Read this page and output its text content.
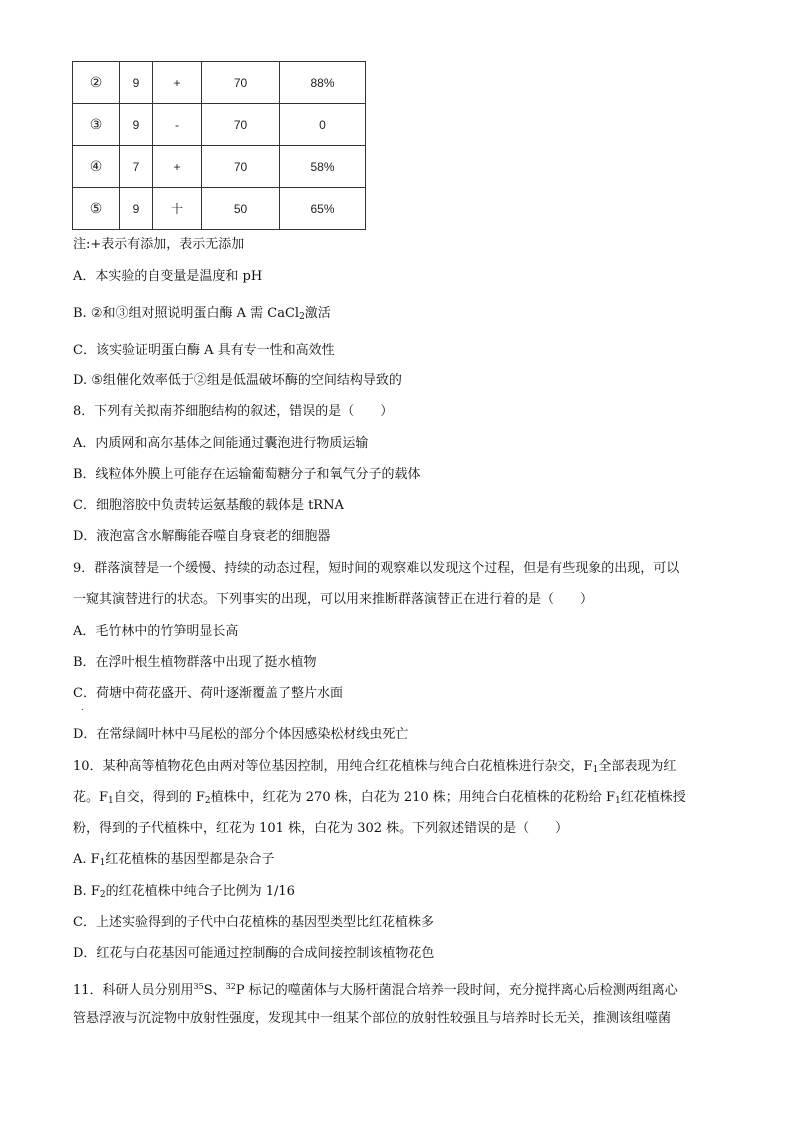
②	9	+	70	88%
③	9	-	70	0
④	7	+	70	58%
⑤	9	十	50	65%
注:+表示有添加，表示无添加
A．本实验的自变量是温度和 pH
B. ②和③组对照说明蛋白酶 A 需 CaCl$_2$激活
C．该实验证明蛋白酶 A 具有专一性和高效性
D. ⑤组催化效率低于②组是低温破坏酶的空间结构导致的
8．下列有关拟南芥细胞结构的叙述，错误的是（　　）
A．内质网和高尔基体之间能通过囊泡进行物质运输
B．线粒体外膜上可能存在运输葡萄糖分子和氧气分子的载体
C．细胞溶胶中负责转运氨基酸的载体是 tRNA
D．液泡富含水解酶能吞噬自身衰老的细胞器
9．群落演替是一个缓慢、持续的动态过程，短时间的观察难以发现这个过程，但是有些现象的出现，可以
一窥其演替进行的状态。下列事实的出现，可以用来推断群落演替正在进行着的是（　　）
A．毛竹林中的竹笋明显长高
B．在浮叶根生植物群落中出现了挺水植物
C．荷塘中荷花盛开、荷叶逐渐覆盖了整片水面
.
D．在常绿阔叶林中马尾松的部分个体因感染松材线虫死亡
10．某种高等植物花色由两对等位基因控制，用纯合红花植株与纯合白花植株进行杂交，$F_1$全部表现为红
花。$F_1$自交，得到的 $F_2$植株中，红花为 270 株，白花为 210 株；用纯合白花植株的花粉给 $F_1$红花植株授
粉，得到的子代植株中，红花为 101 株，白花为 302 株。下列叙述错误的是（　　）
A. $F_1$红花植株的基因型都是杂合子
B. $F_2$的红花植株中纯合子比例为 1/16
C．上述实验得到的子代中白花植株的基因型类型比红花植株多
D．红花与白花基因可能通过控制酶的合成间接控制该植物花色
11．科研人员分别用$^{35}$S、$^{32}$P 标记的噬菌体与大肠杆菌混合培养一段时间，充分搅拌离心后检测两组离心
管悬浮液与沉淀物中放射性强度，发现其中一组某个部位的放射性较强且与培养时长无关，推测该组噬菌
